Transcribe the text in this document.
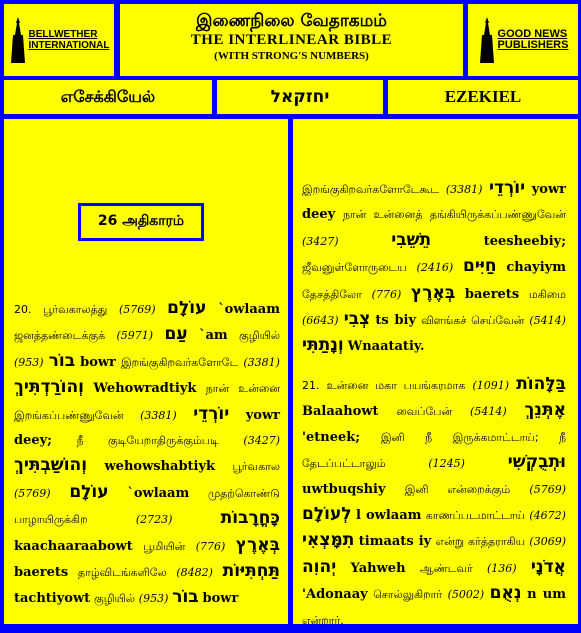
BELLWETHER
INTERNATIONAL
இணைநிலை வேதாகமம்
THE INTERLINEAR BIBLE
(WITH STRONG'S NUMBERS)
GOOD NEWS
PUBLISHERS
எசேக்கியேல்	יחזקאל	EZEKIEL
26 அதிகாரம்
20. பூர்வகாலத்து (5769) עוֹלָם `owlaam ஜனத்தண்டைக்குக் (5971) עַם `am குழியில் (953) בוֹר bowr இறங்குகிறவர்களோடே (3381) וְהוֹרַדְתִּיךְ Wehowradtiyk நான் உன்னை இறங்கப்பண்ணுவேன் (3381) יוֹרְדֵי yowr deey; நீ குடியேறாதிருக்கும்படி (3427) וְהוֹשַׁבְתִּיךְ wehowshabtiyk பூர்வகால (5769) עוֹלָם `owlaam முதற்கொண்டு பாழாயிருக்கிற	(2723)	כָּחֳרָבוֹת kaachaaraabowt பூமியின் (776) בְּאֶרֶץ baerets தாழ்விடங்களிலே (8482) תַּחְתִּיּוֹת tachtiyowt குழியில் (953) בוֹר bowr
இறங்குகிறவர்களோடேகூட (3381) יוֹרְדֵי yowr deey நான் உன்னைத் தங்கியிருக்கப்பண்ணுவேன் (3427)	תֵשֵׁבִי	teesheebiy; ஜீவனுள்ளோருடைய (2416) חַיִּים chayiym தேசத்திலோ (776) בְּאֶרֶץ baerets மகிமை (6643) צְבִי ts biy விளங்கச் செய்வேன் (5414) וְנָתַתִּי Wnaatatiy.
21. உன்னை மகா பயங்கரமாக (1091) בַּלָּהוֹת Balaahowt வைப்பேன் (5414) אֶתְּנֵךְ 'etneek; இனி நீ இருக்கமாட்டாய்; நீ தேடப்பட்டாலும்	(1245)	וּתְבֻקְשִׁי uwtbuqshiy இனி என்றைக்கும் (5769) לְעוֹלָם l owlaam காணப்படமாட்டாய் (4672) תִמָּצְאִי timaats iy என்று கர்த்தராகிய (3069) יְהוִה Yahweh ஆண்டவர் (136) אֲדֹנָי 'Adonaay சொல்லுகிறார் (5002) נְאֻם n um என்றார்.
